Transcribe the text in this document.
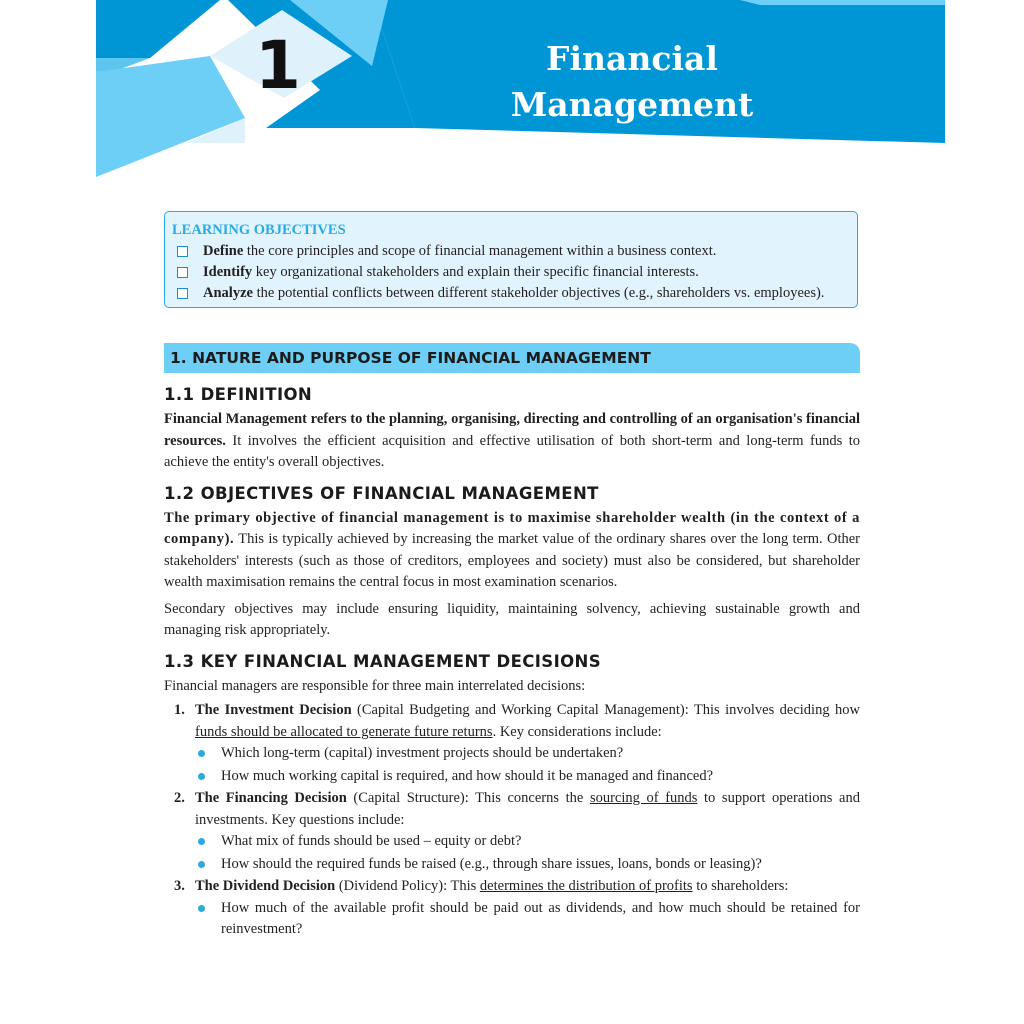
1	Financial Management
Function
LEARNING OBJECTIVES
Define the core principles and scope of financial management within a business context.
Identify key organizational stakeholders and explain their specific financial interests.
Analyze the potential conflicts between different stakeholder objectives (e.g., shareholders vs. employees).
1. NATURE AND PURPOSE OF FINANCIAL MANAGEMENT
1.1 DEFINITION

Financial Management refers to the planning, organising, directing and controlling of an organisation's financial resources. It involves the efficient acquisition and effective utilisation of both short-term and long-term funds to achieve the entity's overall objectives.

1.2 OBJECTIVES OF FINANCIAL MANAGEMENT

The primary objective of financial management is to maximise shareholder wealth (in the context of a company). This is typically achieved by increasing the market value of the ordinary shares over the long term. Other stakeholders' interests (such as those of creditors, employees and society) must also be considered, but shareholder wealth maximisation remains the central focus in most examination scenarios.

Secondary objectives may include ensuring liquidity, maintaining solvency, achieving sustainable growth and managing risk appropriately.

1.3 KEY FINANCIAL MANAGEMENT DECISIONS

Financial managers are responsible for three main interrelated decisions:

1. The Investment Decision (Capital Budgeting and Working Capital Management): This involves deciding how funds should be allocated to generate future returns. Key considerations include:
Which long-term (capital) investment projects should be undertaken?
How much working capital is required, and how should it be managed and financed?
2. The Financing Decision (Capital Structure): This concerns the sourcing of funds to support operations and investments. Key questions include:
What mix of funds should be used – equity or debt?
How should the required funds be raised (e.g., through share issues, loans, bonds or leasing)?
3. The Dividend Decision (Dividend Policy): This determines the distribution of profits to shareholders:
How much of the available profit should be paid out as dividends, and how much should be retained for reinvestment?
